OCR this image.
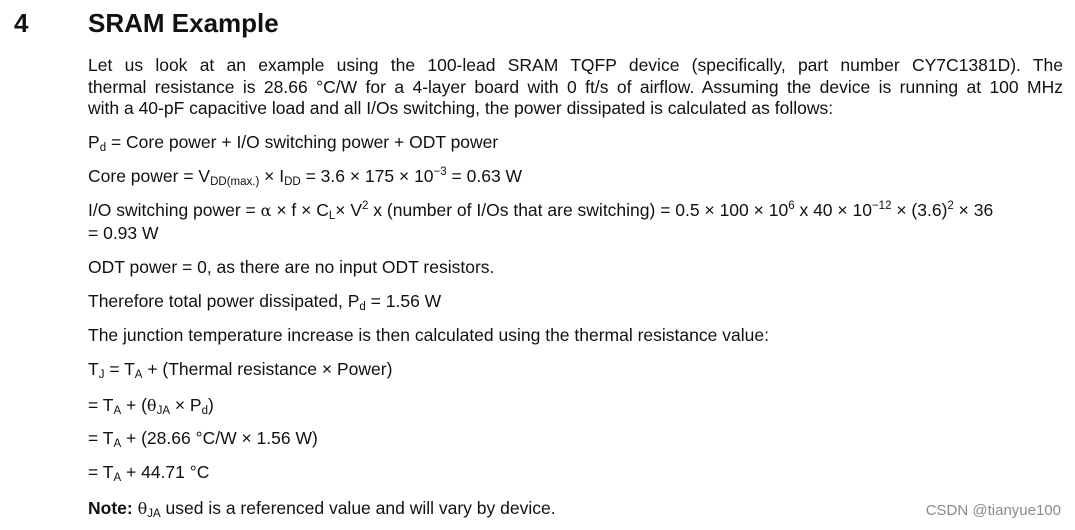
4 SRAM Example
Let us look at an example using the 100-lead SRAM TQFP device (specifically, part number CY7C1381D). The
thermal resistance is 28.66 °C/W for a 4-layer board with 0 ft/s of airflow. Assuming the device is running at 100 MHz
with a 40-pF capacitive load and all I/Os switching, the power dissipated is calculated as follows:
$P_d$ = Core power + I/O switching power + ODT power
Core power = $V_{DD(max.)} \times I_{DD} = 3.6 \times 175 \times 10^{-3} = 0.63$ W
I/O switching power = $\alpha \times f \times C_L\times V^2$ x (number of I/Os that are switching) = $0.5 \times 100 \times 10^6$ x $40 \times 10^{-12} \times (3.6)^2 \times 36$
= 0.93 W
ODT power = 0, as there are no input ODT resistors.
Therefore total power dissipated, $P_d = 1.56$ W
The junction temperature increase is then calculated using the thermal resistance value:
$T_J = T_A$ + (Thermal resistance × Power)
= $T_A + (\theta_{JA} \times P_d)$
= $T_A + (28.66$ °C/W × 1.56 W)
= $T_A + 44.71$ °C
Note: $\theta_{JA}$ used is a referenced value and will vary by device.	CSDN @tianyue100
